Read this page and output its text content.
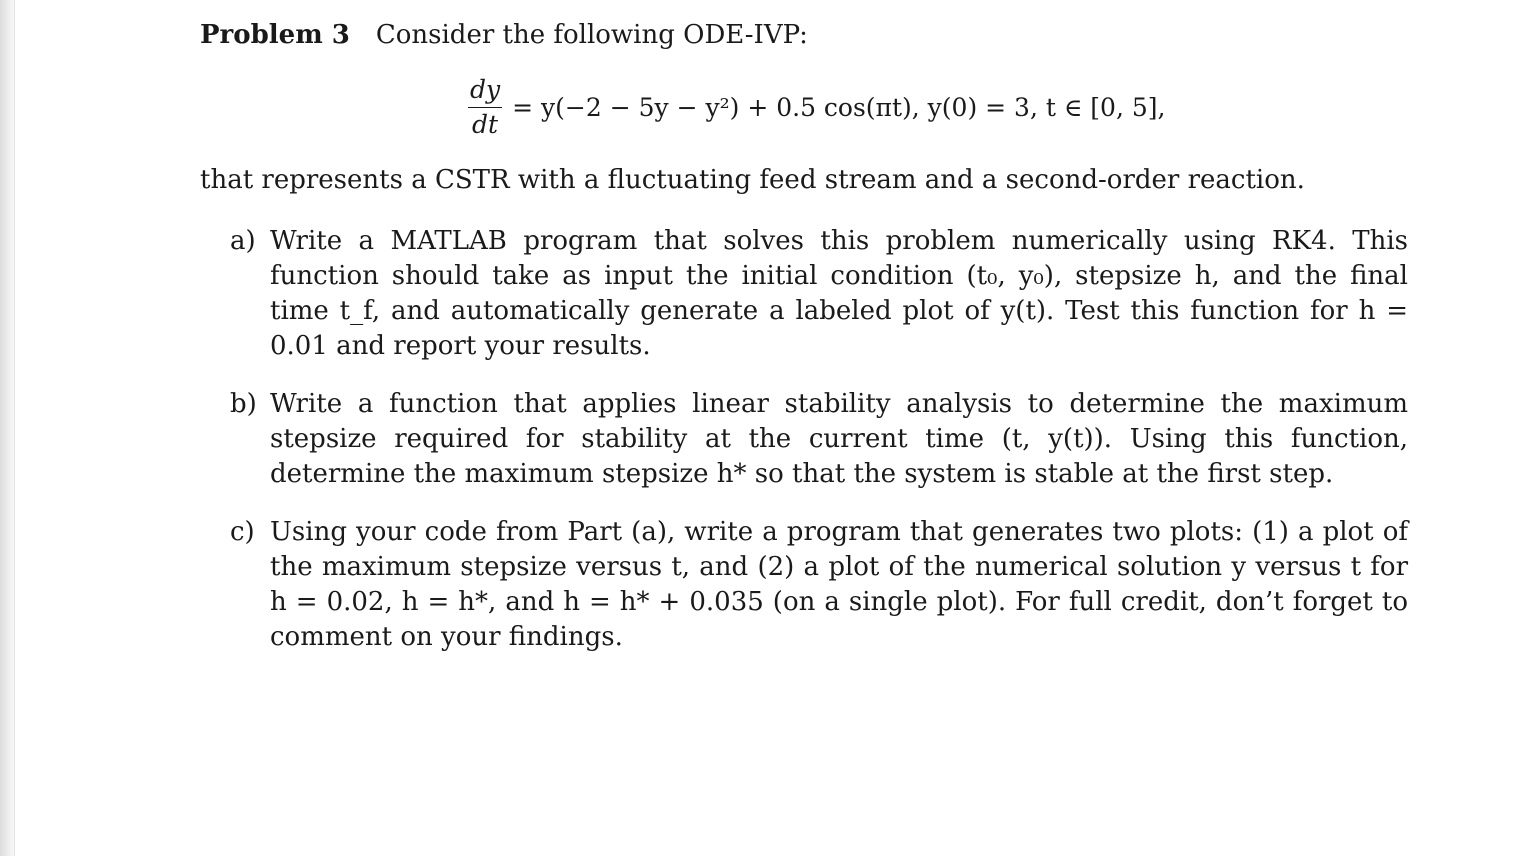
Problem 3 Consider the following ODE-IVP:

$\frac{dy}{dt} = y(-2 - 5y - y^2) + 0.5$ cos(πt), y(0) = 3, t ∈ [0, 5],

that represents a CSTR with a fluctuating feed stream and a second-order reaction.

a) Write a MATLAB program that solves this problem numerically using RK4. This function should take as input the initial condition (t₀, y₀), stepsize h, and the final time t_f, and automatically generate a labeled plot of y(t). Test this function for h = 0.01 and report your results.
b) Write a function that applies linear stability analysis to determine the maximum stepsize required for stability at the current time (t, y(t)). Using this function, determine the maximum stepsize h* so that the system is stable at the first step.
c) Using your code from Part (a), write a program that generates two plots: (1) a plot of the maximum stepsize versus t, and (2) a plot of the numerical solution y versus t for h = 0.02, h = h*, and h = h* + 0.035 (on a single plot). For full credit, don’t forget to comment on your findings.
